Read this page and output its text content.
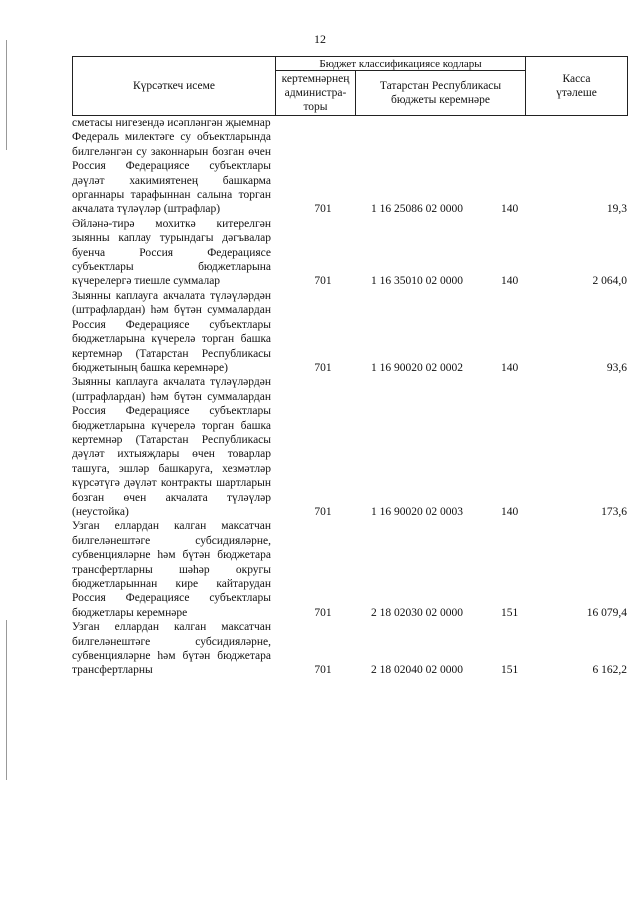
12
Күрсәткеч исеме
Бюджет классификациясе кодлары
кертемнәрнең администра-торы
Татарстан Республикасы бюджеты керемнәре
Касса үтәлеше
сметасы нигезендә исәпләнгән җыемнар
Федераль милектәге су объектларында билгеләнгән су законнарын бозган өчен Россия Федерациясе субъектлары дәүләт хакимиятенең башкарма органнары тарафыннан салына торган акчалата түләүләр (штрафлар)	701	1 16 25086 02 0000	140	19,3
Әйләнә-тирә мохиткә китерелгән зыянны каплау турындагы дәгъвалар буенча Россия Федерациясе субъектлары бюджетларына күчерелергә тиешле суммалар	701	1 16 35010 02 0000	140	2 064,0
Зыянны каплауга акчалата түләүләрдән (штрафлардан) һәм бүтән суммалардан Россия Федерациясе субъектлары бюджетларына күчерелә торган башка кертемнәр (Татарстан Республикасы бюджетының башка керемнәре)	701	1 16 90020 02 0002	140	93,6
Зыянны каплауга акчалата түләүләрдән (штрафлардан) һәм бүтән суммалардан Россия Федерациясе субъектлары бюджетларына күчерелә торган башка кертемнәр (Татарстан Республикасы дәүләт ихтыяҗлары өчен товарлар ташуга, эшләр башкаруга, хезмәтләр күрсәтүгә дәүләт контракты шартларын бозган өчен акчалата түләүләр (неустойка)	701	1 16 90020 02 0003	140	173,6
Узган еллардан калган максатчан билгеләнештәге субсидияләрне, субвенцияләрне һәм бүтән бюджетара трансфертларны шәһәр округы бюджетларыннан кире кайтарудан Россия Федерациясе субъектлары бюджетлары керемнәре	701	2 18 02030 02 0000	151	16 079,4
Узган еллардан калган максатчан билгеләнештәге субсидияләрне, субвенцияләрне һәм бүтән бюджетара трансфертларны	701	2 18 02040 02 0000	151	6 162,2
